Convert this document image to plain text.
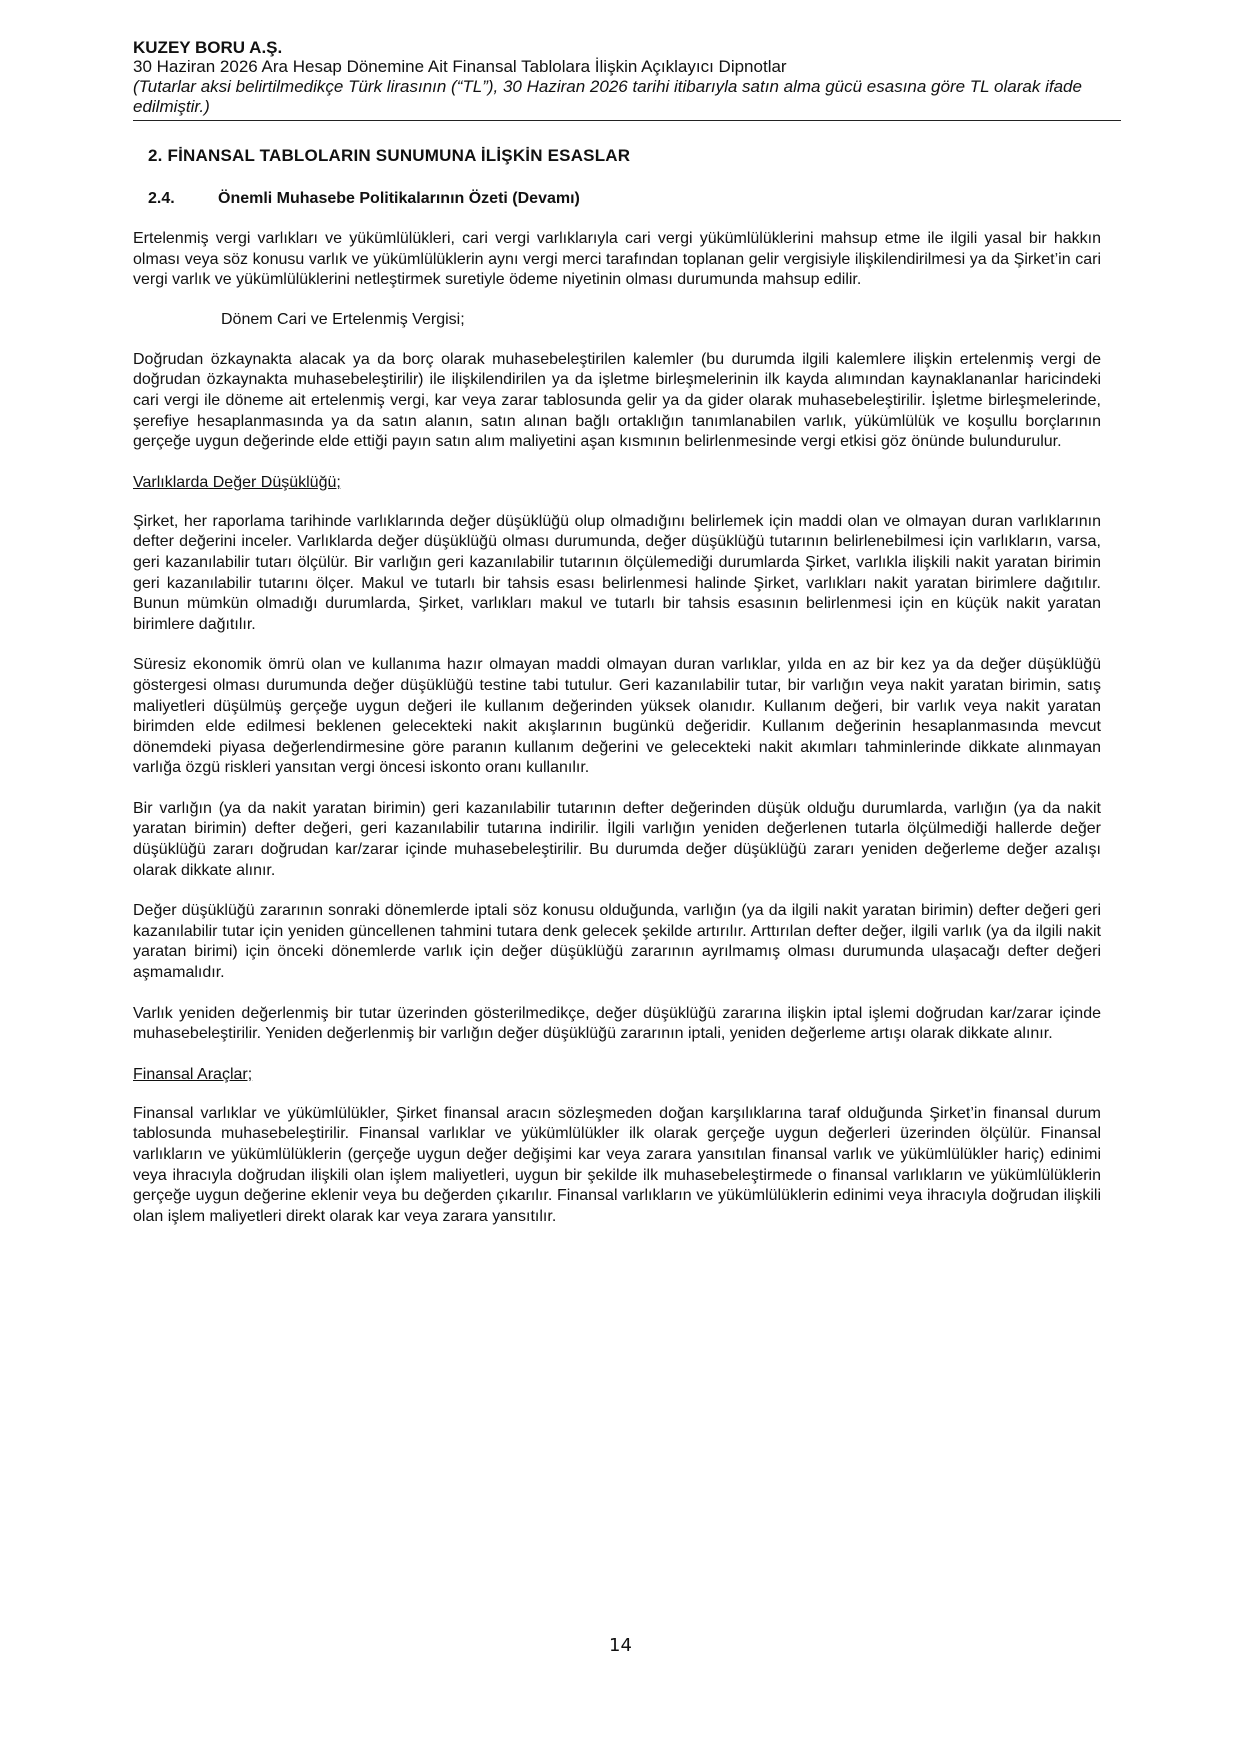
KUZEY BORU A.Ş.

30 Haziran 2026 Ara Hesap Dönemine Ait Finansal Tablolara İlişkin Açıklayıcı Dipnotlar

(Tutarlar aksi belirtilmedikçe Türk lirasının (“TL”), 30 Haziran 2026 tarihi itibarıyla satın alma gücü esasına göre TL olarak ifade edilmiştir.)

2. FİNANSAL TABLOLARIN SUNUMUNA İLİŞKİN ESASLAR

2.4.	Önemli Muhasebe Politikalarının Özeti (Devamı)

Ertelenmiş vergi varlıkları ve yükümlülükleri, cari vergi varlıklarıyla cari vergi yükümlülüklerini mahsup etme ile ilgili yasal bir hakkın olması veya söz konusu varlık ve yükümlülüklerin aynı vergi merci tarafından toplanan gelir vergisiyle ilişkilendirilmesi ya da Şirket’in cari vergi varlık ve yükümlülüklerini netleştirmek suretiyle ödeme niyetinin olması durumunda mahsup edilir.

Dönem Cari ve Ertelenmiş Vergisi;

Doğrudan özkaynakta alacak ya da borç olarak muhasebeleştirilen kalemler (bu durumda ilgili kalemlere ilişkin ertelenmiş vergi de doğrudan özkaynakta muhasebeleştirilir) ile ilişkilendirilen ya da işletme birleşmelerinin ilk kayda alımından kaynaklananlar haricindeki cari vergi ile döneme ait ertelenmiş vergi, kar veya zarar tablosunda gelir ya da gider olarak muhasebeleştirilir. İşletme birleşmelerinde, şerefiye hesaplanmasında ya da satın alanın, satın alınan bağlı ortaklığın tanımlanabilen varlık, yükümlülük ve koşullu borçlarının gerçeğe uygun değerinde elde ettiği payın satın alım maliyetini aşan kısmının belirlenmesinde vergi etkisi göz önünde bulundurulur.

Varlıklarda Değer Düşüklüğü;

Şirket, her raporlama tarihinde varlıklarında değer düşüklüğü olup olmadığını belirlemek için maddi olan ve olmayan duran varlıklarının defter değerini inceler. Varlıklarda değer düşüklüğü olması durumunda, değer düşüklüğü tutarının belirlenebilmesi için varlıkların, varsa, geri kazanılabilir tutarı ölçülür. Bir varlığın geri kazanılabilir tutarının ölçülemediği durumlarda Şirket, varlıkla ilişkili nakit yaratan birimin geri kazanılabilir tutarını ölçer. Makul ve tutarlı bir tahsis esası belirlenmesi halinde Şirket, varlıkları nakit yaratan birimlere dağıtılır. Bunun mümkün olmadığı durumlarda, Şirket, varlıkları makul ve tutarlı bir tahsis esasının belirlenmesi için en küçük nakit yaratan birimlere dağıtılır.

Süresiz ekonomik ömrü olan ve kullanıma hazır olmayan maddi olmayan duran varlıklar, yılda en az bir kez ya da değer düşüklüğü göstergesi olması durumunda değer düşüklüğü testine tabi tutulur. Geri kazanılabilir tutar, bir varlığın veya nakit yaratan birimin, satış maliyetleri düşülmüş gerçeğe uygun değeri ile kullanım değerinden yüksek olanıdır. Kullanım değeri, bir varlık veya nakit yaratan birimden elde edilmesi beklenen gelecekteki nakit akışlarının bugünkü değeridir. Kullanım değerinin hesaplanmasında mevcut dönemdeki piyasa değerlendirmesine göre paranın kullanım değerini ve gelecekteki nakit akımları tahminlerinde dikkate alınmayan varlığa özgü riskleri yansıtan vergi öncesi iskonto oranı kullanılır.

Bir varlığın (ya da nakit yaratan birimin) geri kazanılabilir tutarının defter değerinden düşük olduğu durumlarda, varlığın (ya da nakit yaratan birimin) defter değeri, geri kazanılabilir tutarına indirilir. İlgili varlığın yeniden değerlenen tutarla ölçülmediği hallerde değer düşüklüğü zararı doğrudan kar/zarar içinde muhasebeleştirilir. Bu durumda değer düşüklüğü zararı yeniden değerleme değer azalışı olarak dikkate alınır.

Değer düşüklüğü zararının sonraki dönemlerde iptali söz konusu olduğunda, varlığın (ya da ilgili nakit yaratan birimin) defter değeri geri kazanılabilir tutar için yeniden güncellenen tahmini tutara denk gelecek şekilde artırılır. Arttırılan defter değer, ilgili varlık (ya da ilgili nakit yaratan birimi) için önceki dönemlerde varlık için değer düşüklüğü zararının ayrılmamış olması durumunda ulaşacağı defter değeri aşmamalıdır.

Varlık yeniden değerlenmiş bir tutar üzerinden gösterilmedikçe, değer düşüklüğü zararına ilişkin iptal işlemi doğrudan kar/zarar içinde muhasebeleştirilir. Yeniden değerlenmiş bir varlığın değer düşüklüğü zararının iptali, yeniden değerleme artışı olarak dikkate alınır.

Finansal Araçlar;

Finansal varlıklar ve yükümlülükler, Şirket finansal aracın sözleşmeden doğan karşılıklarına taraf olduğunda Şirket’in finansal durum tablosunda muhasebeleştirilir. Finansal varlıklar ve yükümlülükler ilk olarak gerçeğe uygun değerleri üzerinden ölçülür. Finansal varlıkların ve yükümlülüklerin (gerçeğe uygun değer değişimi kar veya zarara yansıtılan finansal varlık ve yükümlülükler hariç) edinimi veya ihracıyla doğrudan ilişkili olan işlem maliyetleri, uygun bir şekilde ilk muhasebeleştirmede o finansal varlıkların ve yükümlülüklerin gerçeğe uygun değerine eklenir veya bu değerden çıkarılır. Finansal varlıkların ve yükümlülüklerin edinimi veya ihracıyla doğrudan ilişkili olan işlem maliyetleri direkt olarak kar veya zarara yansıtılır.

14
